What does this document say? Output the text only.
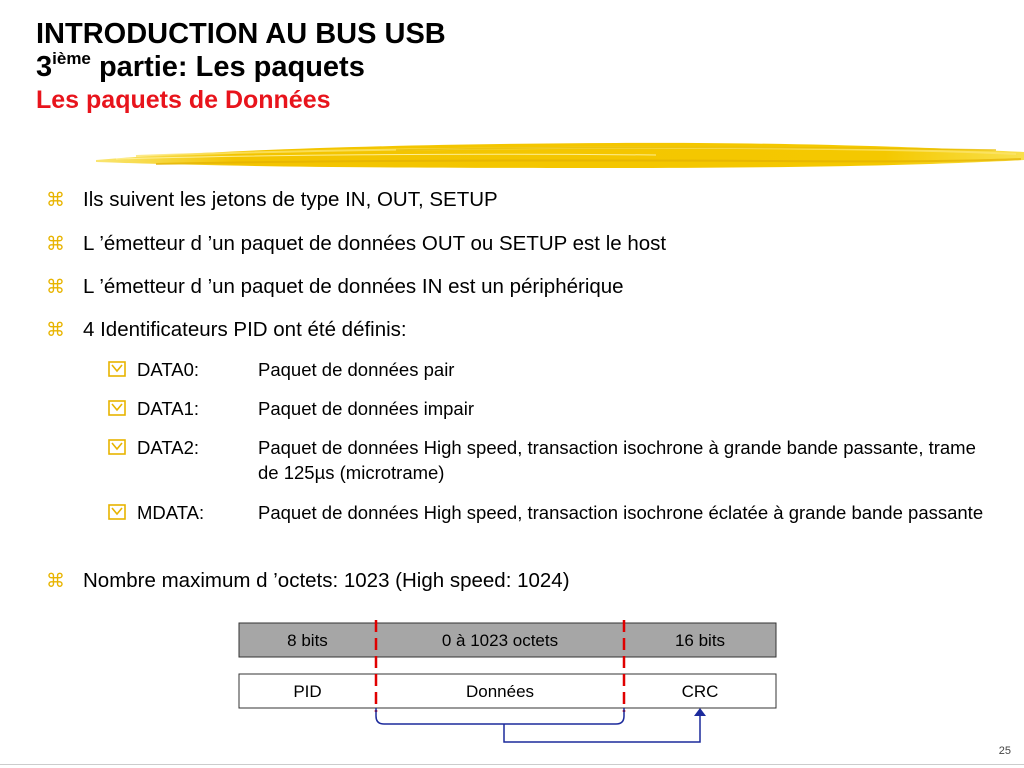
INTRODUCTION AU BUS USB
3ième partie: Les paquets
Les paquets de Données
⌘ Ils suivent les jetons de type IN, OUT, SETUP
⌘ L ’émetteur d ’un paquet de données OUT ou SETUP est le host
⌘ L ’émetteur d ’un paquet de données IN est un périphérique
⌘ 4 Identificateurs PID ont été définis:
DATA0:	Paquet de données pair
DATA1:	Paquet de données impair
DATA2:	Paquet de données High speed, transaction isochrone à grande bande passante, trame de 125µs (microtrame)
MDATA:	Paquet de données High speed, transaction isochrone éclatée à grande bande passante
⌘ Nombre maximum d ’octets: 1023 (High speed: 1024)
8 bits	0 à 1023 octets	16 bits
PID	Données	CRC
25
